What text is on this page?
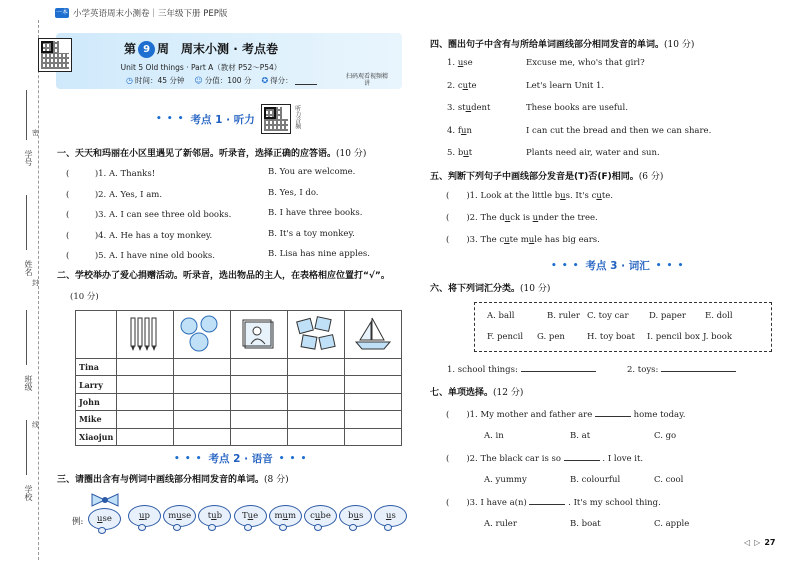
一本 小学英语周末小测卷｜三年级下册 PEP版
密
学号
姓名
封
班级
线
学校
第 9 周　周末小测 · 考点卷
Unit 5 Old things · Part A（教材 P52～P54）
◷ 时间：45 分钟 ☺ 分值：100 分 ✪ 得分：	扫码观看视频精讲
• • • 考点 1 · 听力	听力音频
一、天天和玛丽在小区里遇见了新邻居。听录音，选择正确的应答语。(10 分)
(　　　)1. A. Thanks!	B. You are welcome.
(　　　)2. A. Yes, I am.	B. Yes, I do.
(　　　)3. A. I can see three old books.	B. I have three books.
(　　　)4. A. He has a toy monkey.	B. It's a toy monkey.
(　　　)5. A. I have nine old books.	B. Lisa has nine apples.
二、学校举办了爱心捐赠活动。听录音，选出物品的主人，在表格相应位置打“√”。
(10 分)

Tina					
Larry					
John					
Mike					
Xiaojun					
• • • 考点 2 · 语音 • • •
三、请圈出含有与例词中画线部分相同发音的单词。(8 分)
例:	use	up	muse	tub	Tue	mum	cube	bus	us
四、圈出句子中含有与所给单词画线部分相同发音的单词。(10 分)
1. use	Excuse me, who's that girl?
2. cute	Let's learn Unit 1.
3. student	These books are useful.
4. fun	I can cut the bread and then we can share.
5. but	Plants need air, water and sun.
五、判断下列句子中画线部分发音是(T)否(F)相同。(6 分)
(　　)1. Look at the little bus. It's cute.
(　　)2. The duck is under the tree.
(　　)3. The cute mule has big ears.
• • • 考点 3 · 词汇 • • •
六、将下列词汇分类。(10 分)
A. ball	B. ruler C. toy car D. paper E. doll
F. pencil G. pen	H. toy boat I. pencil box J. book
1. school things:	2. toys:
七、单项选择。(12 分)
(　　)1. My mother and father are	home today.
A. in	B. at	C. go
(　　)2. The black car is so	. I love it.
A. yummy	B. colourful	C. cool
(　　)3. I have a(n)	. It's my school thing.
A. ruler	B. boat	C. apple
◁ ▷ 27
